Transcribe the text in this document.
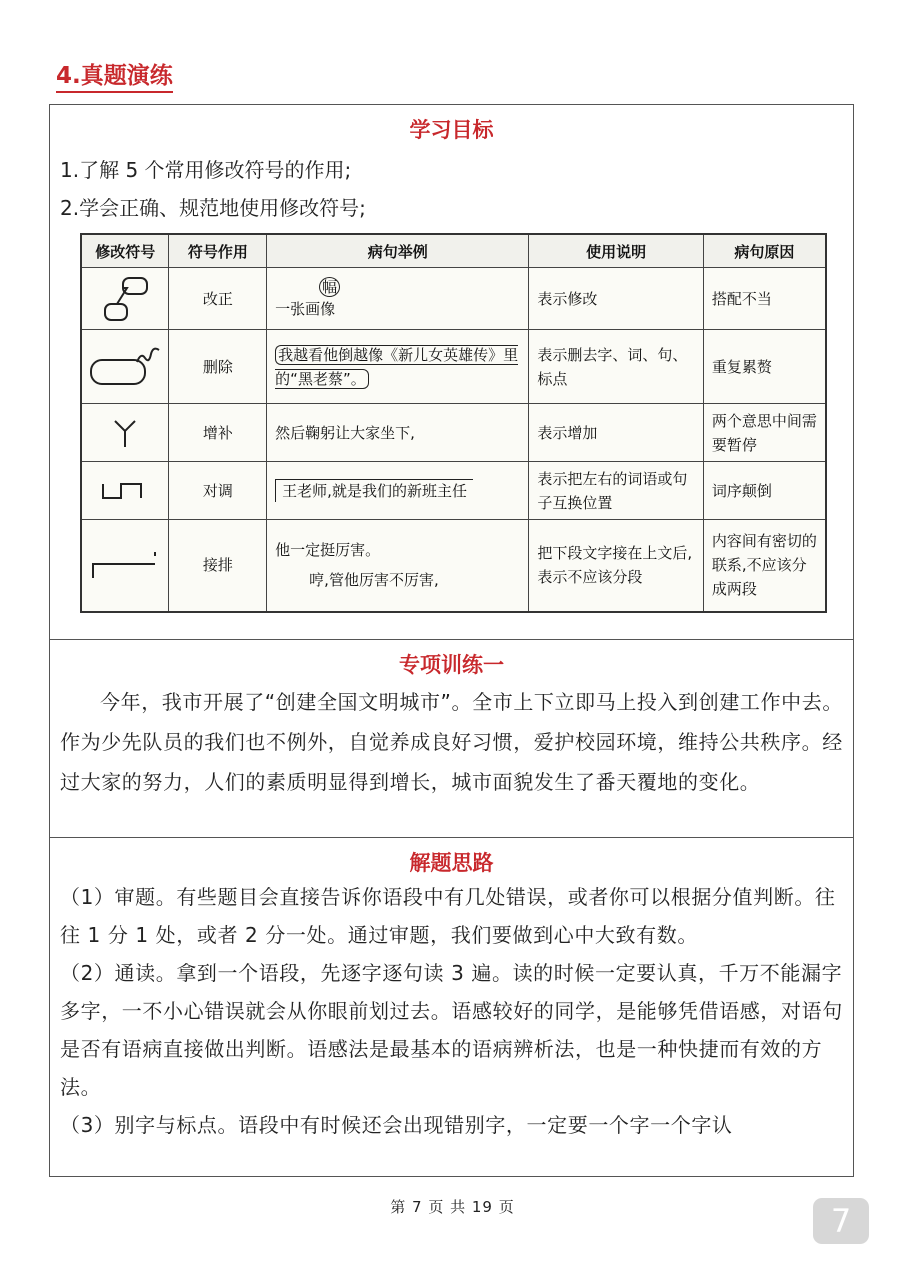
4.真题演练
学习目标
1.了解 5 个常用修改符号的作用;
2.学会正确、规范地使用修改符号;
修改符号	符号作用	病句举例	使用说明	病句原因

	改正	幅
一张画像	表示修改	搭配不当

	删除	我越看他倒越像《新儿女英雄传》里的“黑老蔡”。	表示删去字、词、句、标点	重复累赘

	增补	然后鞠躬让大家坐下,	表示增加	两个意思中间需要暂停

	对调	王老师,就是我们的新班主任	表示把左右的词语或句子互换位置	词序颠倒

	接排	他一定挺厉害。
哼,管他厉害不厉害,	把下段文字接在上文后,表示不应该分段	内容间有密切的联系,不应该分成两段
专项训练一
今年，我市开展了“创建全国文明城市”。全市上下立即马上投入到创建工作中去。作为少先队员的我们也不例外，自觉养成良好习惯，爱护校园环境，维持公共秩序。经过大家的努力，人们的素质明显得到增长，城市面貌发生了番天覆地的变化。
解题思路
（1）审题。有些题目会直接告诉你语段中有几处错误，或者你可以根据分值判断。往往 1 分 1 处，或者 2 分一处。通过审题，我们要做到心中大致有数。
（2）通读。拿到一个语段，先逐字逐句读 3 遍。读的时候一定要认真，千万不能漏字多字，一不小心错误就会从你眼前划过去。语感较好的同学，是能够凭借语感，对语句是否有语病直接做出判断。语感法是最基本的语病辨析法，也是一种快捷而有效的方法。
（3）别字与标点。语段中有时候还会出现错别字，一定要一个字一个字认
第 7 页 共 19 页	7
